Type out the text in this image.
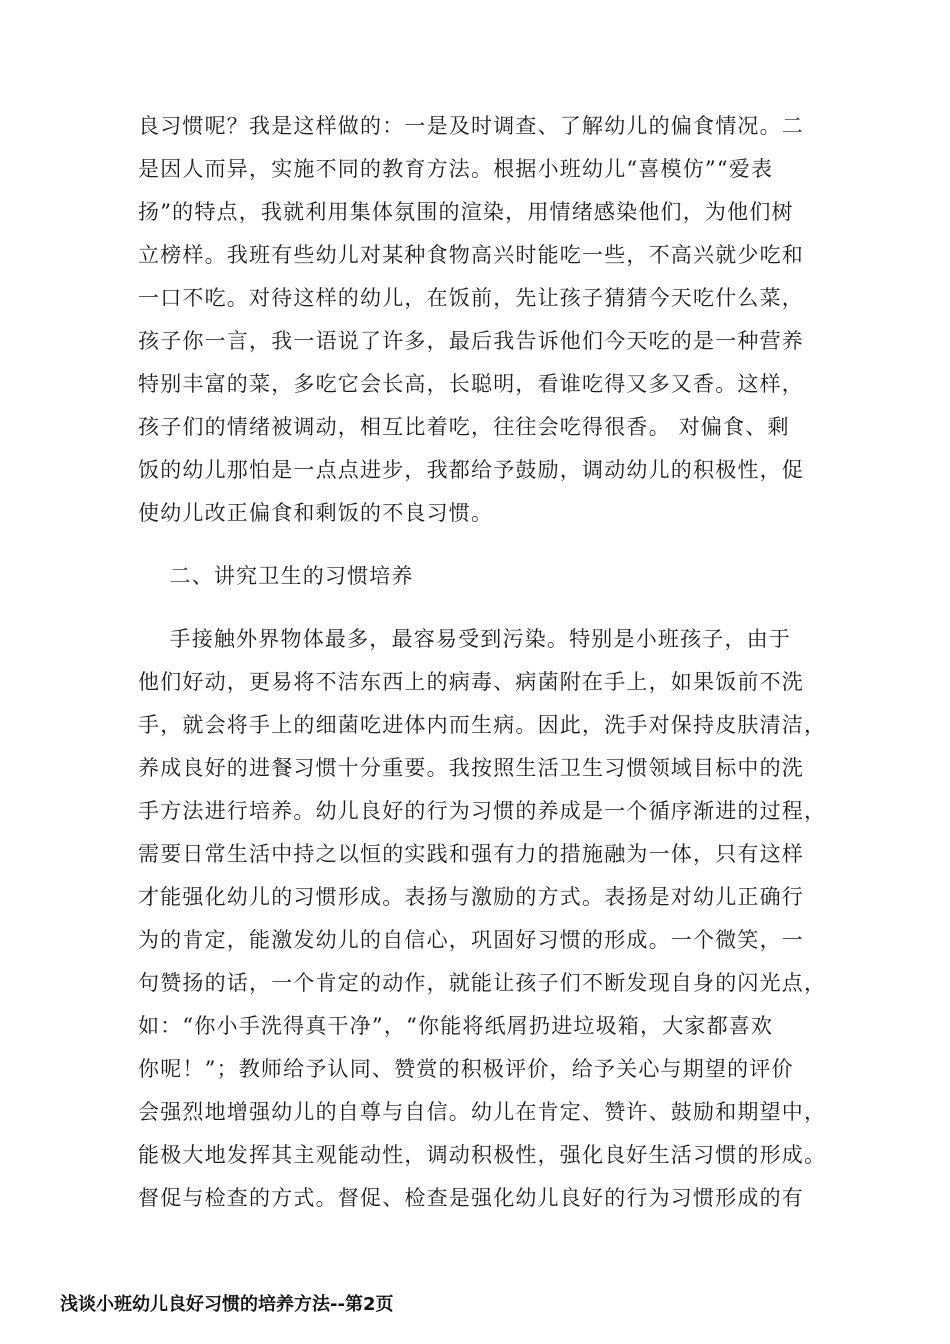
良习惯呢？我是这样做的：一是及时调查、了解幼儿的偏食情况。二
是因人而异，实施不同的教育方法。根据小班幼儿“喜模仿”“爱表
扬”的特点，我就利用集体氛围的渲染，用情绪感染他们，为他们树
立榜样。我班有些幼儿对某种食物高兴时能吃一些，不高兴就少吃和
一口不吃。对待这样的幼儿，在饭前，先让孩子猜猜今天吃什么菜，
孩子你一言，我一语说了许多，最后我告诉他们今天吃的是一种营养
特别丰富的菜，多吃它会长高，长聪明，看谁吃得又多又香。这样，
孩子们的情绪被调动，相互比着吃，往往会吃得很香。 对偏食、剩
饭的幼儿那怕是一点点进步，我都给予鼓励，调动幼儿的积极性，促
使幼儿改正偏食和剩饭的不良习惯。
二、讲究卫生的习惯培养
手接触外界物体最多，最容易受到污染。特别是小班孩子，由于
他们好动，更易将不洁东西上的病毒、病菌附在手上，如果饭前不洗
手，就会将手上的细菌吃进体内而生病。因此，洗手对保持皮肤清洁，
养成良好的进餐习惯十分重要。我按照生活卫生习惯领域目标中的洗
手方法进行培养。幼儿良好的行为习惯的养成是一个循序渐进的过程，
需要日常生活中持之以恒的实践和强有力的措施融为一体，只有这样
才能强化幼儿的习惯形成。表扬与激励的方式。表扬是对幼儿正确行
为的肯定，能激发幼儿的自信心，巩固好习惯的形成。一个微笑，一
句赞扬的话，一个肯定的动作，就能让孩子们不断发现自身的闪光点，
如：“你小手洗得真干净”，“你能将纸屑扔进垃圾箱，大家都喜欢
你呢！”；教师给予认同、赞赏的积极评价，给予关心与期望的评价
会强烈地增强幼儿的自尊与自信。幼儿在肯定、赞许、鼓励和期望中，
能极大地发挥其主观能动性，调动积极性，强化良好生活习惯的形成。
督促与检查的方式。督促、检查是强化幼儿良好的行为习惯形成的有
浅谈小班幼儿良好习惯的培养方法--第2页
